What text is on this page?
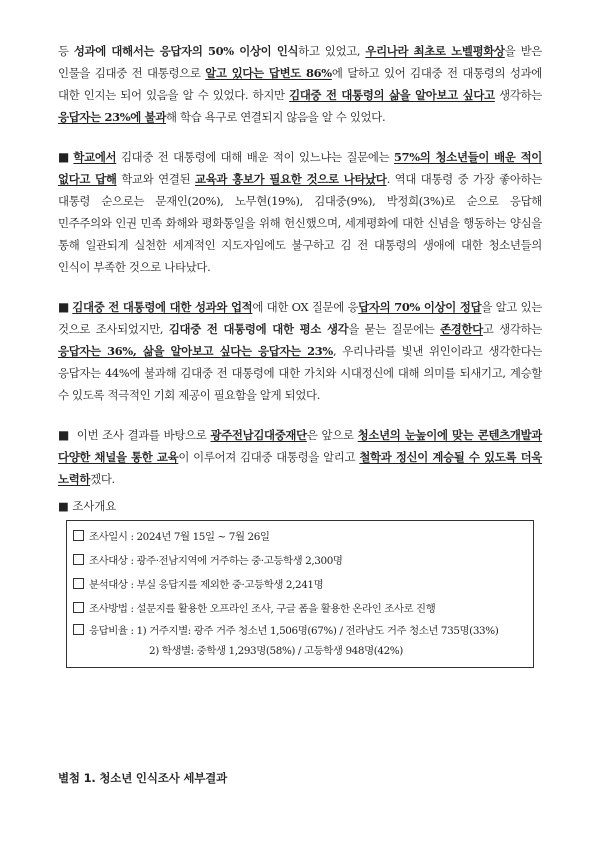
등 성과에 대해서는 응답자의 50% 이상이 인식하고 있었고, 우리나라 최초로 노벨평화상을 받은 인물을 김대중 전 대통령으로 알고 있다는 답변도 86%에 달하고 있어 김대중 전 대통령의 성과에 대한 인지는 되어 있음을 알 수 있었다. 하지만 김대중 전 대통령의 삶을 알아보고 싶다고 생각하는 응답자는 23%에 불과해 학습 욕구로 연결되지 않음을 알 수 있었다.

■ 학교에서 김대중 전 대통령에 대해 배운 적이 있느냐는 질문에는 57%의 청소년들이 배운 적이 없다고 답해 학교와 연결된 교육과 홍보가 필요한 것으로 나타났다. 역대 대통령 중 가장 좋아하는 대통령 순으로는 문재인(20%), 노무현(19%), 김대중(9%), 박정희(3%)로 순으로 응답해 민주주의와 인권 민족 화해와 평화통일을 위해 헌신했으며, 세계평화에 대한 신념을 행동하는 양심을 통해 일관되게 실천한 세계적인 지도자임에도 불구하고 김 전 대통령의 생애에 대한 청소년들의 인식이 부족한 것으로 나타났다.

■ 김대중 전 대통령에 대한 성과와 업적에 대한 OX 질문에 응답자의 70% 이상이 정답을 알고 있는 것으로 조사되었지만, 김대중 전 대통령에 대한 평소 생각을 묻는 질문에는 존경한다고 생각하는 응답자는 36%, 삶을 알아보고 싶다는 응답자는 23%, 우리나라를 빛낸 위인이라고 생각한다는 응답자는 44%에 불과해 김대중 전 대통령에 대한 가치와 시대정신에 대해 의미를 되새기고, 계승할 수 있도록 적극적인 기회 제공이 필요함을 알게 되었다.

■ 이번 조사 결과를 바탕으로 광주전남김대중재단은 앞으로 청소년의 눈높이에 맞는 콘텐츠개발과 다양한 채널을 통한 교육이 이루어져 김대중 대통령을 알리고 철학과 정신이 계승될 수 있도록 더욱 노력하겠다.

■ 조사개요
조사일시 : 2024년 7월 15일 ~ 7월 26일
조사대상 : 광주·전남지역에 거주하는 중·고등학생 2,300명
분석대상 : 부실 응답지를 제외한 중·고등학생 2,241명
조사방법 : 설문지를 활용한 오프라인 조사, 구글 폼을 활용한 온라인 조사로 진행
응답비율 : 1) 거주지별: 광주 거주 청소년 1,506명(67%) / 전라남도 거주 청소년 735명(33%)
2) 학생별: 중학생 1,293명(58%) / 고등학생 948명(42%)
별첨 1. 청소년 인식조사 세부결과
